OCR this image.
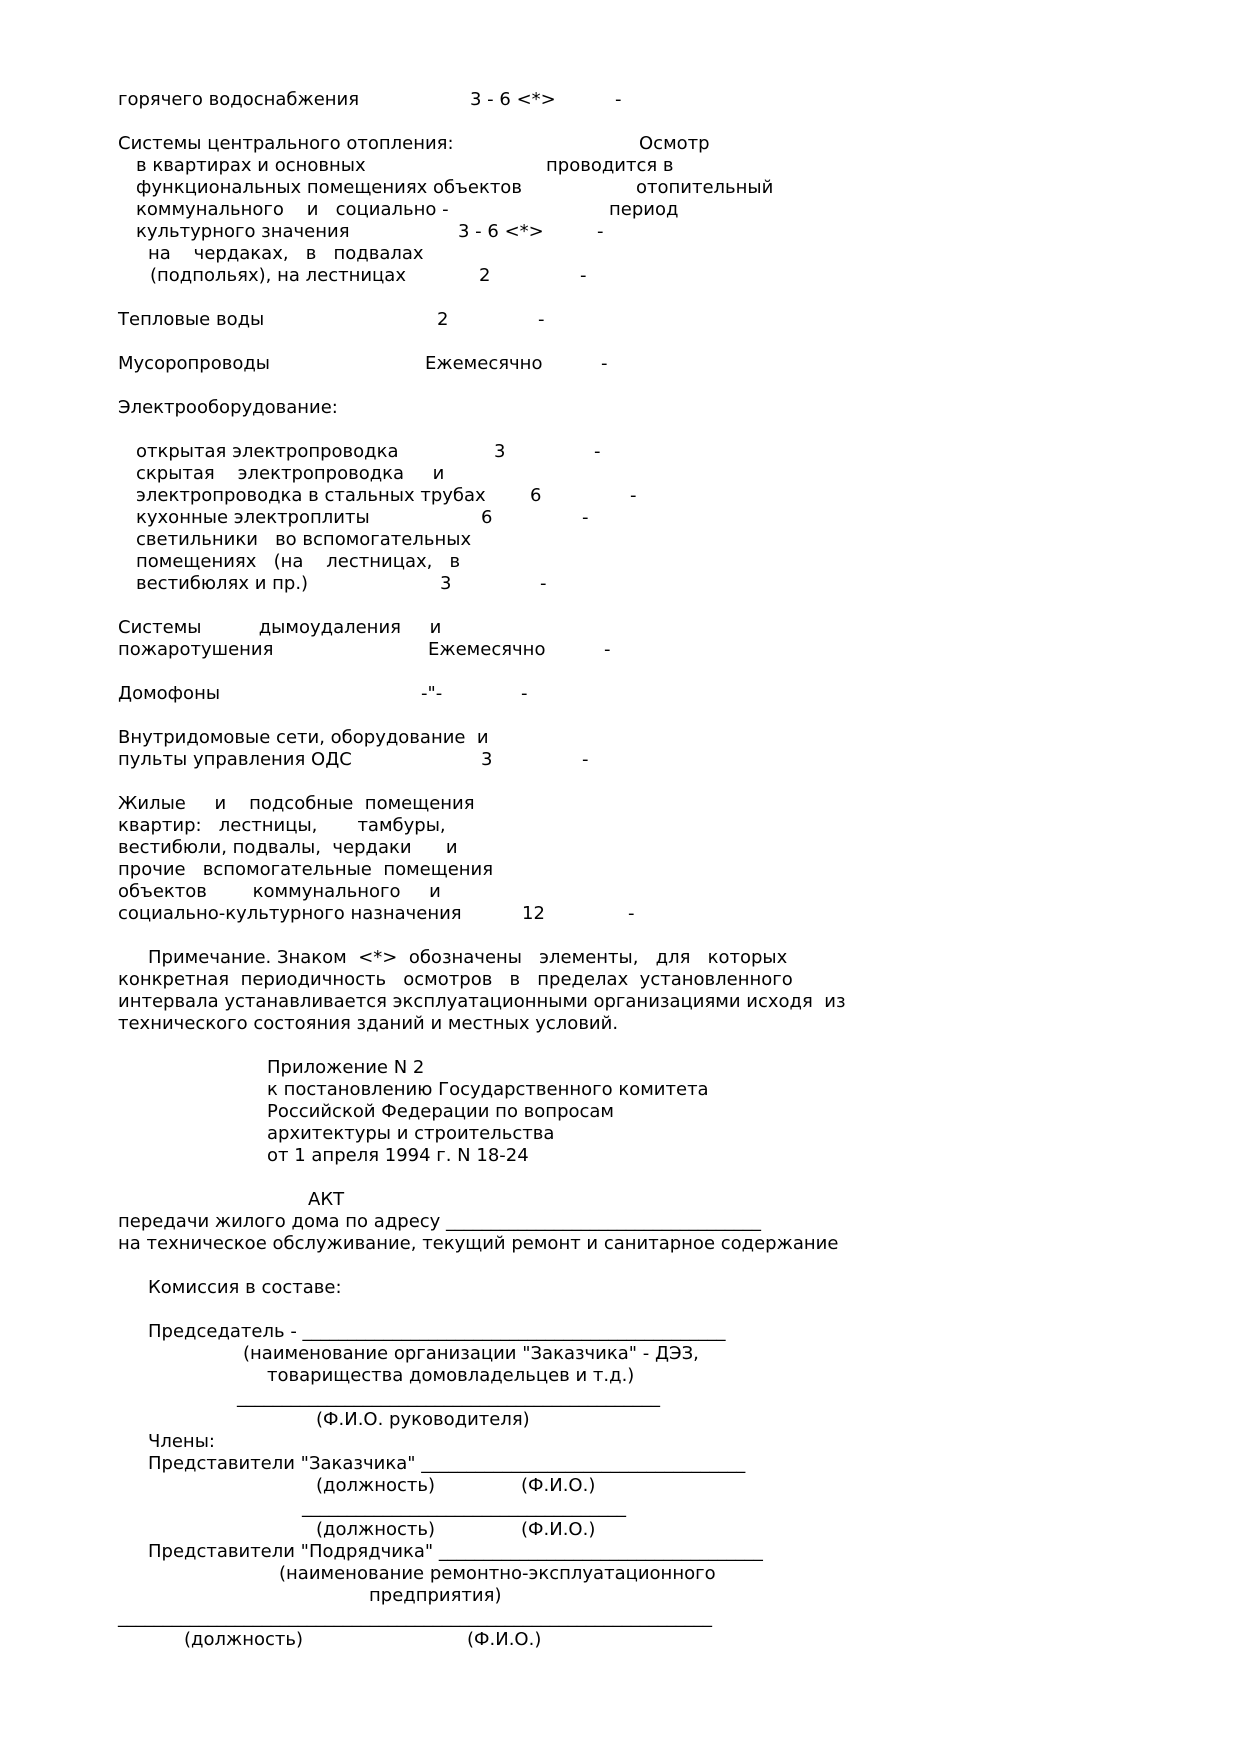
горячего водоснабжения	3 - 6 <*>	-
Системы центрального отопления:	Осмотр
в квартирах и основных	проводится в
функциональных помещениях объектов	отопительный
коммунального    и   социально -	период
культурного значения	3 - 6 <*>	-
на    чердаках,   в   подвалах
(подпольях), на лестницах	2	-
Тепловые воды	2	-
Мусоропроводы	Ежемесячно	-
Электрооборудование:
открытая электропроводка	3	-
скрытая    электропроводка     и
электропроводка в стальных трубах 6	-
кухонные электроплиты	6	-
светильники   во вспомогательных
помещениях   (на    лестницах,   в
вестибюлях и пр.)	3	-
Системы          дымоудаления     и
пожаротушения	Ежемесячно	-
Домофоны	-"-	-
Внутридомовые сети, оборудование  и
пульты управления ОДС	3	-
Жилые     и    подсобные  помещения
квартир:   лестницы,       тамбуры,
вестибюли, подвалы,  чердаки      и
прочие   вспомогательные  помещения
объектов        коммунального     и
социально-культурного назначения	12	-
Примечание. Знаком  <*>  обозначены   элементы,   для   которых
конкретная  периодичность   осмотров   в   пределах  установленного
интервала устанавливается эксплуатационными организациями исходя  из
технического состояния зданий и местных условий.
Приложение N 2
к постановлению Государственного комитета
Российской Федерации по вопросам
архитектуры и строительства
от 1 апреля 1994 г. N 18-24
АКТ
передачи жилого дома по адресу ___________________________________
на техническое обслуживание, текущий ремонт и санитарное содержание
Комиссия в составе:
Председатель - _______________________________________________
(наименование организации "Заказчика" - ДЭЗ,
товарищества домовладельцев и т.д.)
_______________________________________________
(Ф.И.О. руководителя)
Члены:
Представители "Заказчика" ____________________________________
(должность)	(Ф.И.О.)
____________________________________
(должность)	(Ф.И.О.)
Представители "Подрядчика" ____________________________________
(наименование ремонтно-эксплуатационного
предприятия)
__________________________________________________________________
(должность)	(Ф.И.О.)
